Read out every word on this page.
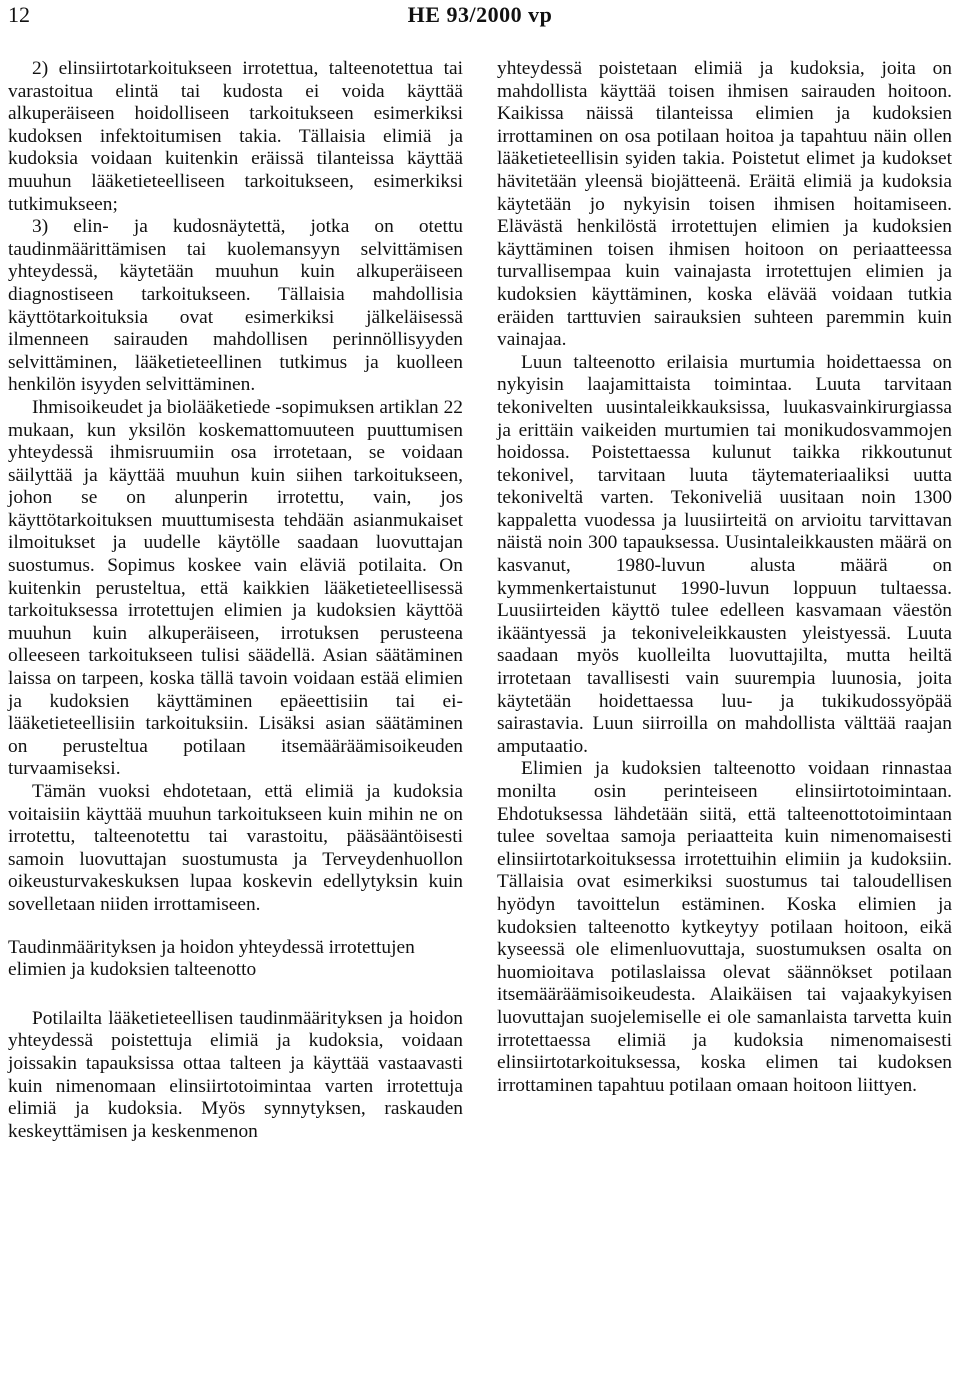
12	HE 93/2000 vp

2) elinsiirtotarkoitukseen irrotettua, talteenotettua tai varastoitua elintä tai kudosta ei voida käyttää alkuperäiseen hoidolliseen tarkoitukseen esimerkiksi kudoksen infektoitumisen takia. Tällaisia elimiä ja kudoksia voidaan kuitenkin eräissä tilanteissa käyttää muuhun lääketieteelliseen tarkoitukseen, esimerkiksi tutkimukseen;

3) elin- ja kudosnäytettä, jotka on otettu taudinmäärittämisen tai kuolemansyyn selvittämisen yhteydessä, käytetään muuhun kuin alkuperäiseen diagnostiseen tarkoitukseen. Tällaisia mahdollisia käyttötarkoituksia ovat esimerkiksi jälkeläisessä ilmenneen sairauden mahdollisen perinnöllisyyden selvittäminen, lääketieteellinen tutkimus ja kuolleen henkilön isyyden selvittäminen.

Ihmisoikeudet ja biolääketiede -sopimuksen artiklan 22 mukaan, kun yksilön koskemattomuuteen puuttumisen yhteydessä ihmisruumiin osa irrotetaan, se voidaan säilyttää ja käyttää muuhun kuin siihen tarkoitukseen, johon se on alunperin irrotettu, vain, jos käyttötarkoituksen muuttumisesta tehdään asianmukaiset ilmoitukset ja uudelle käytölle saadaan luovuttajan suostumus. Sopimus koskee vain eläviä potilaita. On kuitenkin perusteltua, että kaikkien lääketieteellisessä tarkoituksessa irrotettujen elimien ja kudoksien käyttöä muuhun kuin alkuperäiseen, irrotuksen perusteena olleeseen tarkoitukseen tulisi säädellä. Asian säätäminen laissa on tarpeen, koska tällä tavoin voidaan estää elimien ja kudoksien käyttäminen epäeettisiin tai ei-lääketieteellisiin tarkoituksiin. Lisäksi asian säätäminen on perusteltua potilaan itsemääräämisoikeuden turvaamiseksi.

Tämän vuoksi ehdotetaan, että elimiä ja kudoksia voitaisiin käyttää muuhun tarkoitukseen kuin mihin ne on irrotettu, talteenotettu tai varastoitu, pääsääntöisesti samoin luovuttajan suostumusta ja Terveydenhuollon oikeusturvakeskuksen lupaa koskevin edellytyksin kuin sovelletaan niiden irrottamiseen.

Taudinmäärityksen ja hoidon yhteydessä irrotettujen elimien ja kudoksien talteenotto

Potilailta lääketieteellisen taudinmäärityksen ja hoidon yhteydessä poistettuja elimiä ja kudoksia, voidaan joissakin tapauksissa ottaa talteen ja käyttää vastaavasti kuin nimenomaan elinsiirtotoimintaa varten irrotettuja elimiä ja kudoksia. Myös synnytyksen, raskauden keskeyttämisen ja keskenmenon

yhteydessä poistetaan elimiä ja kudoksia, joita on mahdollista käyttää toisen ihmisen sairauden hoitoon. Kaikissa näissä tilanteissa elimien ja kudoksien irrottaminen on osa potilaan hoitoa ja tapahtuu näin ollen lääketieteellisin syiden takia. Poistetut elimet ja kudokset hävitetään yleensä biojätteenä. Eräitä elimiä ja kudoksia käytetään jo nykyisin toisen ihmisen hoitamiseen. Elävästä henkilöstä irrotettujen elimien ja kudoksien käyttäminen toisen ihmisen hoitoon on periaatteessa turvallisempaa kuin vainajasta irrotettujen elimien ja kudoksien käyttäminen, koska elävää voidaan tutkia eräiden tarttuvien sairauksien suhteen paremmin kuin vainajaa.

Luun talteenotto erilaisia murtumia hoidettaessa on nykyisin laajamittaista toimintaa. Luuta tarvitaan tekonivelten uusintaleikkauksissa, luukasvainkirurgiassa ja erittäin vaikeiden murtumien tai monikudosvammojen hoidossa. Poistettaessa kulunut taikka rikkoutunut tekonivel, tarvitaan luuta täytemateriaaliksi uutta tekoniveltä varten. Tekoniveliä uusitaan noin 1300 kappaletta vuodessa ja luusiirteitä on arvioitu tarvittavan näistä noin 300 tapauksessa. Uusintaleikkausten määrä on kasvanut, 1980-luvun alusta määrä on kymmenkertaistunut 1990-luvun loppuun tultaessa. Luusiirteiden käyttö tulee edelleen kasvamaan väestön ikääntyessä ja tekoniveleikkausten yleistyessä. Luuta saadaan myös kuolleilta luovuttajilta, mutta heiltä irrotetaan tavallisesti vain suurempia luunosia, joita käytetään hoidettaessa luu- ja tukikudossyöpää sairastavia. Luun siirroilla on mahdollista välttää raajan amputaatio.

Elimien ja kudoksien talteenotto voidaan rinnastaa monilta osin perinteiseen elinsiirtotoimintaan. Ehdotuksessa lähdetään siitä, että talteenottotoimintaan tulee soveltaa samoja periaatteita kuin nimenomaisesti elinsiirtotarkoituksessa irrotettuihin elimiin ja kudoksiin. Tällaisia ovat esimerkiksi suostumus tai taloudellisen hyödyn tavoittelun estäminen. Koska elimien ja kudoksien talteenotto kytkeytyy potilaan hoitoon, eikä kyseessä ole elimenluovuttaja, suostumuksen osalta on huomioitava potilaslaissa olevat säännökset potilaan itsemääräämisoikeudesta. Alaikäisen tai vajaakykyisen luovuttajan suojelemiselle ei ole samanlaista tarvetta kuin irrotettaessa elimiä ja kudoksia nimenomaisesti elinsiirtotarkoituksessa, koska elimen tai kudoksen irrottaminen tapahtuu potilaan omaan hoitoon liittyen.
